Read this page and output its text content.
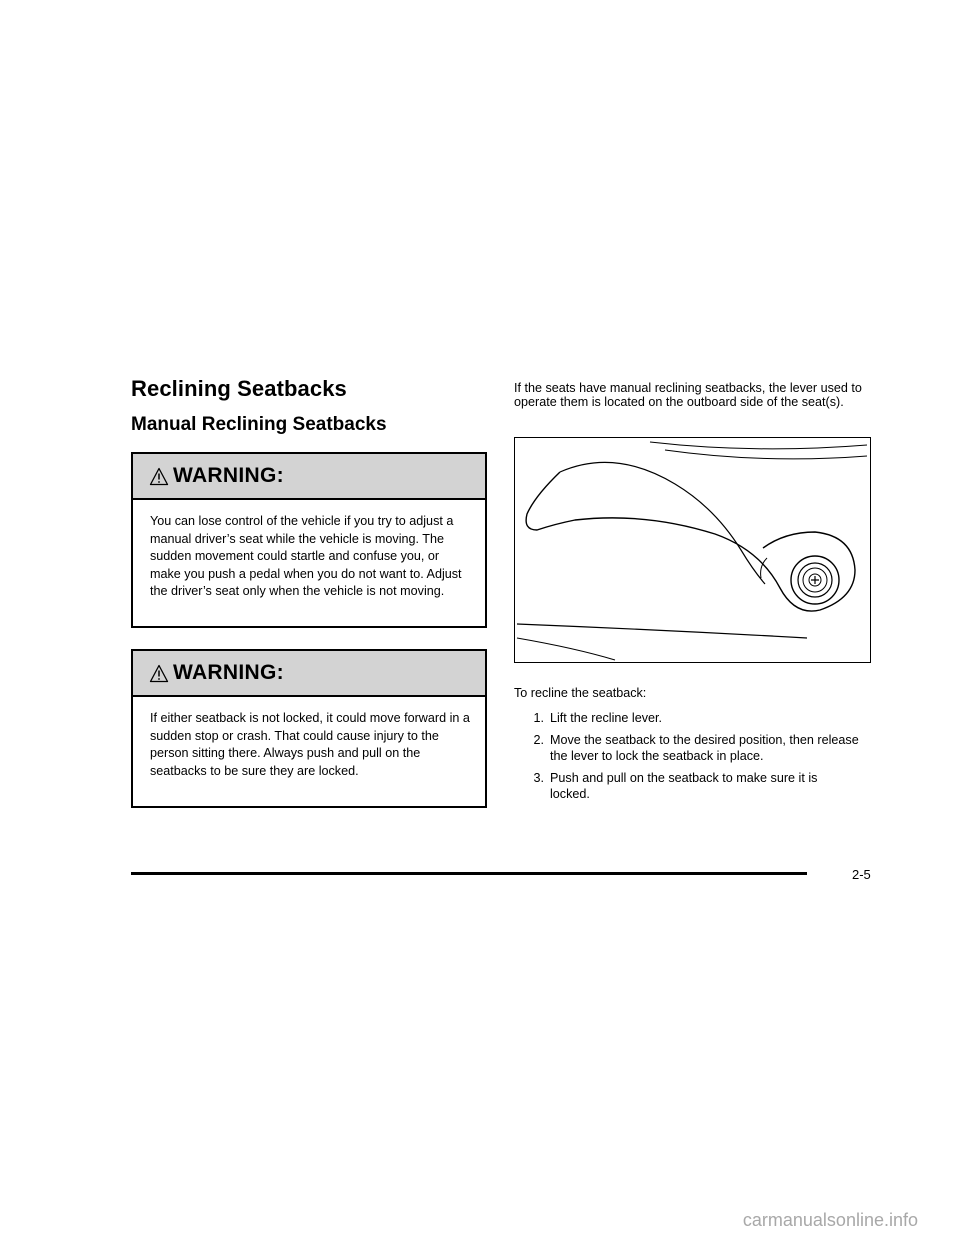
Reclining Seatbacks
Manual Reclining Seatbacks
WARNING:
You can lose control of the vehicle if you try to adjust a manual driver’s seat while the vehicle is moving. The sudden movement could startle and confuse you, or make you push a pedal when you do not want to. Adjust the driver’s seat only when the vehicle is not moving.
WARNING:
If either seatback is not locked, it could move forward in a sudden stop or crash. That could cause injury to the person sitting there. Always push and pull on the seatbacks to be sure they are locked.

If the seats have manual reclining seatbacks, the lever used to operate them is located on the outboard side of the seat(s).

To recline the seatback:
1. Lift the recline lever.
2. Move the seatback to the desired position, then release the lever to lock the seatback in place.
3. Push and pull on the seatback to make sure it is locked.
2-5
carmanualsonline.info
